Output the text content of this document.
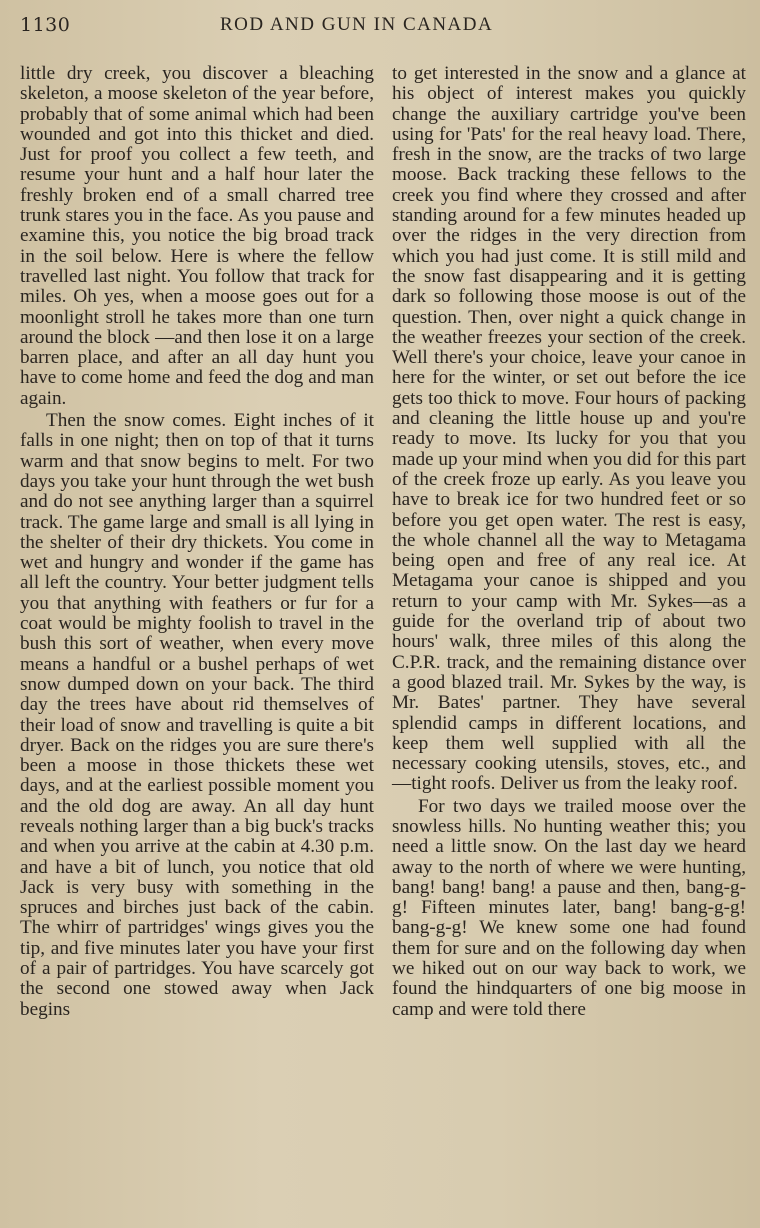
1130	ROD AND GUN IN CANADA

little dry creek, you discover a bleaching skeleton, a moose skeleton of the year before, probably that of some animal which had been wounded and got into this thicket and died. Just for proof you collect a few teeth, and resume your hunt and a half hour later the freshly broken end of a small charred tree trunk stares you in the face. As you pause and examine this, you notice the big broad track in the soil below. Here is where the fellow travelled last night. You follow that track for miles. Oh yes, when a moose goes out for a moonlight stroll he takes more than one turn around the block —and then lose it on a large barren place, and after an all day hunt you have to come home and feed the dog and man again.

Then the snow comes. Eight inches of it falls in one night; then on top of that it turns warm and that snow begins to melt. For two days you take your hunt through the wet bush and do not see anything larger than a squirrel track. The game large and small is all lying in the shelter of their dry thickets. You come in wet and hungry and wonder if the game has all left the country. Your better judgment tells you that anything with feathers or fur for a coat would be mighty foolish to travel in the bush this sort of weather, when every move means a handful or a bushel perhaps of wet snow dumped down on your back. The third day the trees have about rid themselves of their load of snow and travelling is quite a bit dryer. Back on the ridges you are sure there's been a moose in those thickets these wet days, and at the earliest possible moment you and the old dog are away. An all day hunt reveals nothing larger than a big buck's tracks and when you arrive at the cabin at 4.30 p.m. and have a bit of lunch, you notice that old Jack is very busy with something in the spruces and birches just back of the cabin. The whirr of partridges' wings gives you the tip, and five minutes later you have your first of a pair of partridges. You have scarcely got the second one stowed away when Jack begins

to get interested in the snow and a glance at his object of interest makes you quickly change the auxiliary cartridge you've been using for 'Pats' for the real heavy load. There, fresh in the snow, are the tracks of two large moose. Back tracking these fellows to the creek you find where they crossed and after standing around for a few minutes headed up over the ridges in the very direction from which you had just come. It is still mild and the snow fast disappearing and it is getting dark so following those moose is out of the question. Then, over night a quick change in the weather freezes your section of the creek. Well there's your choice, leave your canoe in here for the winter, or set out before the ice gets too thick to move. Four hours of packing and cleaning the little house up and you're ready to move. Its lucky for you that you made up your mind when you did for this part of the creek froze up early. As you leave you have to break ice for two hundred feet or so before you get open water. The rest is easy, the whole channel all the way to Metagama being open and free of any real ice. At Metagama your canoe is shipped and you return to your camp with Mr. Sykes—as a guide for the overland trip of about two hours' walk, three miles of this along the C.P.R. track, and the remaining distance over a good blazed trail. Mr. Sykes by the way, is Mr. Bates' partner. They have several splendid camps in different locations, and keep them well supplied with all the necessary cooking utensils, stoves, etc., and—tight roofs. Deliver us from the leaky roof.

For two days we trailed moose over the snowless hills. No hunting weather this; you need a little snow. On the last day we heard away to the north of where we were hunting, bang! bang! bang! a pause and then, bang-g-g! Fifteen minutes later, bang! bang-g-g! bang-g-g! We knew some one had found them for sure and on the following day when we hiked out on our way back to work, we found the hindquarters of one big moose in camp and were told there
